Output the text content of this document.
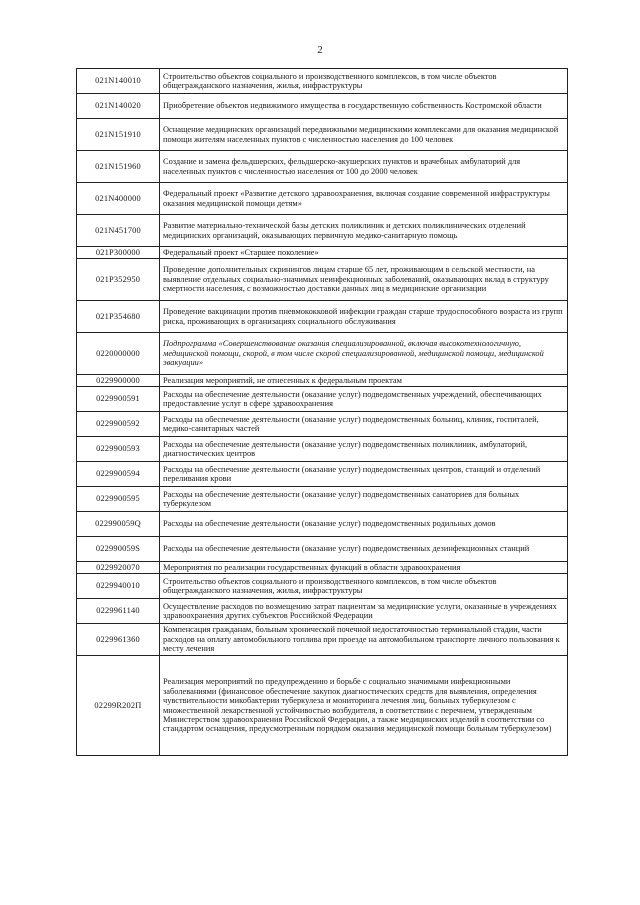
2
021N140010	Строительство объектов социального и производственного комплексов, в том числе объектов общегражданского назначения, жилья, инфраструктуры
021N140020	Приобретение объектов недвижимого имущества в государственную собственность Костромской области
021N151910	Оснащение медицинских организаций передвижными медицинскими комплексами для оказания медицинской помощи жителям населенных пунктов с численностью населения до 100 человек
021N151960	Создание и замена фельдшерских, фельдшерско-акушерских пунктов и врачебных амбулаторий для населенных пунктов с численностью населения от 100 до 2000 человек
021N400000	Федеральный проект «Развитие детского здравоохранения, включая создание современной инфраструктуры оказания медицинской помощи детям»
021N451700	Развитие материально-технической базы детских поликлиник и детских поликлинических отделений медицинских организаций, оказывающих первичную медико-санитарную помощь
021P300000	Федеральный проект «Старшее поколение»
021P352950	Проведение дополнительных скринингов лицам старше 65 лет, проживающим в сельской местности, на выявление отдельных социально-значимых неинфекционных заболеваний, оказывающих вклад в структуру смертности населения, с возможностью доставки данных лиц в медицинские организации
021P354680	Проведение вакцинации против пневмококковой инфекции граждан старше трудоспособного возраста из групп риска, проживающих в организациях социального обслуживания
0220000000	Подпрограмма «Совершенствование оказания специализированной, включая высокотехнологичную, медицинской помощи, скорой, в том числе скорой специализированной, медицинской помощи, медицинской эвакуации»
0229900000	Реализация мероприятий, не отнесенных к федеральным проектам
0229900591	Расходы на обеспечение деятельности (оказание услуг) подведомственных учреждений, обеспечивающих предоставление услуг в сфере здравоохранения
0229900592	Расходы на обеспечение деятельности (оказание услуг) подведомственных больниц, клиник, госпиталей, медико-санитарных частей
0229900593	Расходы на обеспечение деятельности (оказание услуг) подведомственных поликлиник, амбулаторий, диагностических центров
0229900594	Расходы на обеспечение деятельности (оказание услуг) подведомственных центров, станций и отделений переливания крови
0229900595	Расходы на обеспечение деятельности (оказание услуг) подведомственных санаториев для больных туберкулезом
022990059Q	Расходы на обеспечение деятельности (оказание услуг) подведомственных родильных домов
022990059S	Расходы на обеспечение деятельности (оказание услуг) подведомственных дезинфекционных станций
0229920070	Мероприятия по реализации государственных функций в области здравоохранения
0229940010	Строительство объектов социального и производственного комплексов, в том числе объектов общегражданского назначения, жилья, инфраструктуры
0229961140	Осуществление расходов по возмещению затрат пациентам за медицинские услуги, оказанные в учреждениях здравоохранения других субъектов Российской Федерации
0229961360	Компенсация гражданам, больным хронической почечной недостаточностью терминальной стадии, части расходов на оплату автомобильного топлива при проезде на автомобильном транспорте личного пользования к месту лечения
02299R202П	Реализация мероприятий по предупреждению и борьбе с социально значимыми инфекционными заболеваниями (финансовое обеспечение закупок диагностических средств для выявления, определения чувствительности микобактерии туберкулеза и мониторинга лечения лиц, больных туберкулезом с множественной лекарственной устойчивостью возбудителя, в соответствии с перечнем, утвержденным Министерством здравоохранения Российской Федерации, а также медицинских изделий в соответствии со стандартом оснащения, предусмотренным порядком оказания медицинской помощи больным туберкулезом)
